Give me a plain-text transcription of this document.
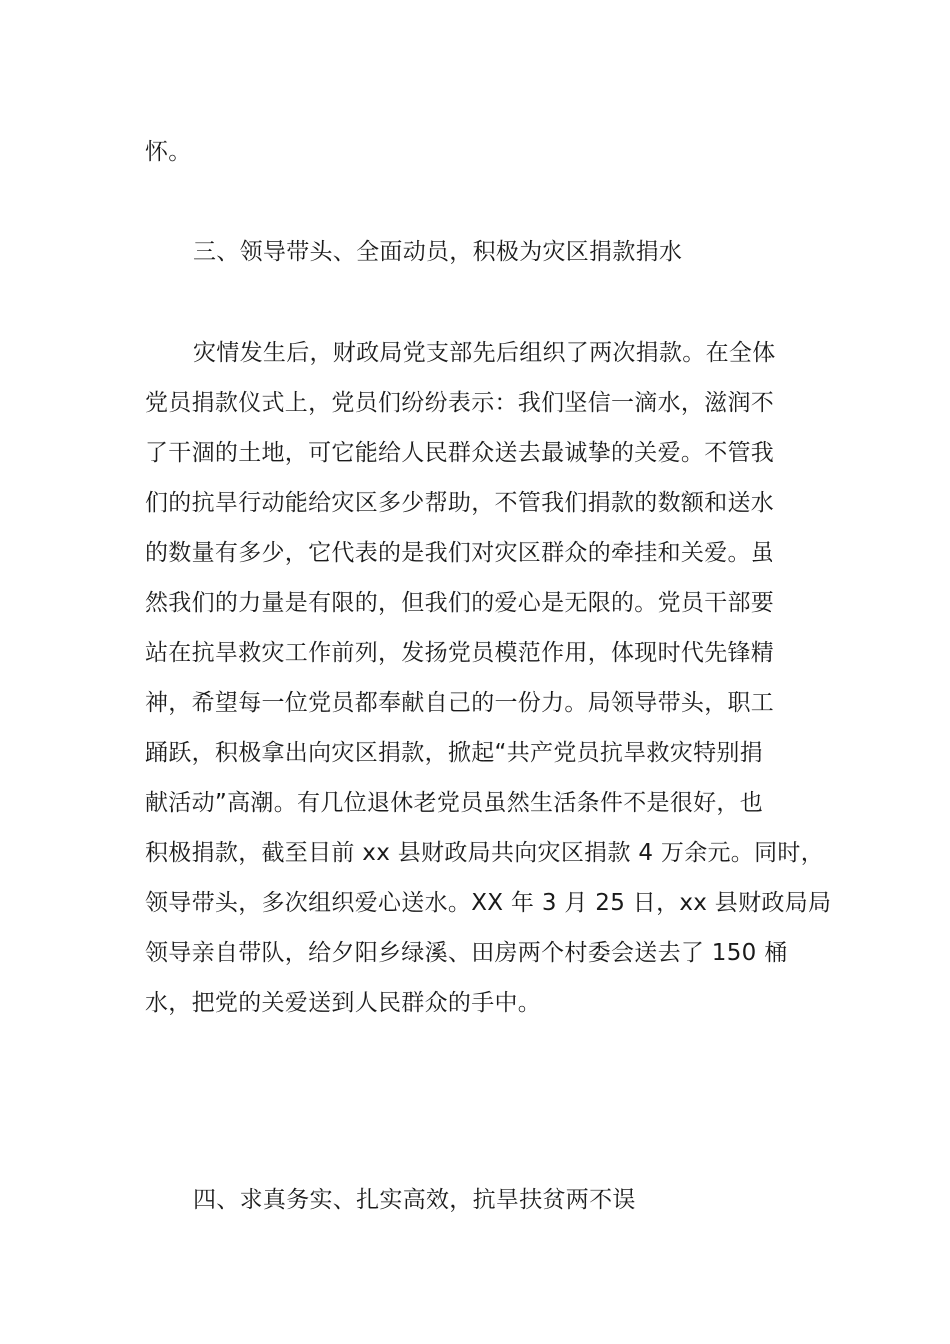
怀。
三、领导带头、全面动员，积极为灾区捐款捐水
灾情发生后，财政局党支部先后组织了两次捐款。在全体
党员捐款仪式上，党员们纷纷表示：我们坚信一滴水，滋润不
了干涸的土地，可它能给人民群众送去最诚挚的关爱。不管我
们的抗旱行动能给灾区多少帮助，不管我们捐款的数额和送水
的数量有多少，它代表的是我们对灾区群众的牵挂和关爱。虽
然我们的力量是有限的，但我们的爱心是无限的。党员干部要
站在抗旱救灾工作前列，发扬党员模范作用，体现时代先锋精
神，希望每一位党员都奉献自己的一份力。局领导带头，职工
踊跃，积极拿出向灾区捐款，掀起“共产党员抗旱救灾特别捐
献活动”高潮。有几位退休老党员虽然生活条件不是很好，也
积极捐款，截至目前 xx 县财政局共向灾区捐款 4 万余元。同时，
领导带头，多次组织爱心送水。XX 年 3 月 25 日，xx 县财政局局
领导亲自带队，给夕阳乡绿溪、田房两个村委会送去了 150 桶
水，把党的关爱送到人民群众的手中。
四、求真务实、扎实高效，抗旱扶贫两不误
